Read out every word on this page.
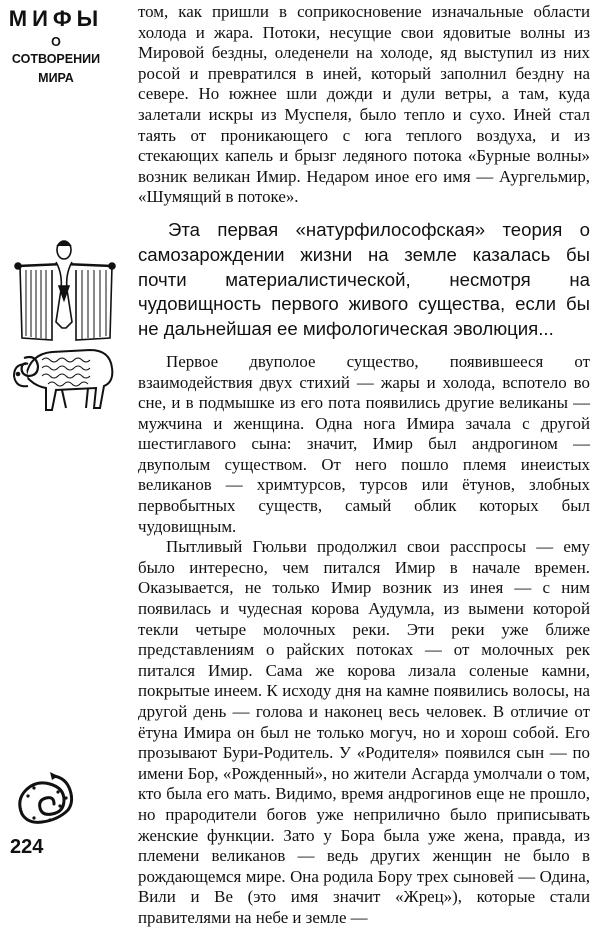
МИФЫ
О СОТВОРЕНИИ
МИРА
224

том, как пришли в соприкосновение изначальные области холода и жара. Потоки, несущие свои ядовитые волны из Мировой бездны, оледенели на холоде, яд выступил из них росой и превратился в иней, который заполнил бездну на севере. Но южнее шли дожди и дули ветры, а там, куда залетали искры из Муспеля, было тепло и сухо. Иней стал таять от проникающего с юга теплого воздуха, и из стекающих капель и брызг ледяного потока «Бурные волны» возник великан Имир. Недаром иное его имя — Аургельмир, «Шумящий в потоке».

Эта первая «натурфилософская» теория о самозарождении жизни на земле казалась бы почти материалистической, несмотря на чудовищность первого живого существа, если бы не дальнейшая ее мифологическая эволюция...

Первое двуполое существо, появившееся от взаимодействия двух стихий — жары и холода, вспотело во сне, и в подмышке из его пота появились другие великаны — мужчина и женщина. Одна нога Имира зачала с другой шестиглавого сына: значит, Имир был андрогином — двуполым существом. От него пошло племя инеистых великанов — хримтурсов, турсов или ётунов, злобных первобытных существ, самый облик которых был чудовищным.

Пытливый Гюльви продолжил свои расспросы — ему было интересно, чем питался Имир в начале времен. Оказывается, не только Имир возник из инея — с ним появилась и чудесная корова Аудумла, из вымени которой текли четыре молочных реки. Эти реки уже ближе представлениям о райских потоках — от молочных рек питался Имир. Сама же корова лизала соленые камни, покрытые инеем. К исходу дня на камне появились волосы, на другой день — голова и наконец весь человек. В отличие от ётуна Имира он был не только могуч, но и хорош собой. Его прозывают Бури-Родитель. У «Родителя» появился сын — по имени Бор, «Рожденный», но жители Асгарда умолчали о том, кто была его мать. Видимо, время андрогинов еще не прошло, но прародители богов уже неприлично было приписывать женские функции. Зато у Бора была уже жена, правда, из племени великанов — ведь других женщин не было в рождающемся мире. Она родила Бору трех сыновей — Одина, Вили и Ве (это имя значит «Жрец»), которые стали правителями на небе и земле —
